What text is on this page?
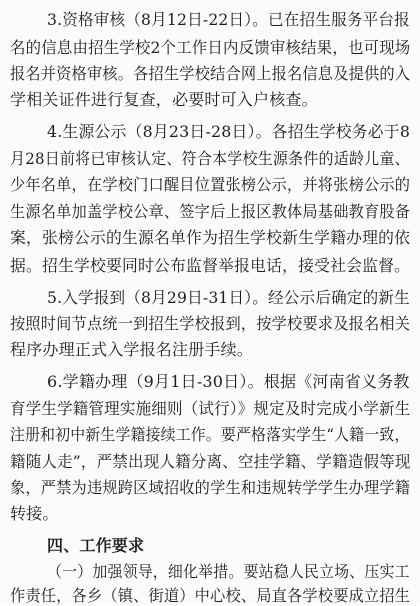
3.资格审核（8月12日-22日）。已在招生服务平台报
名的信息由招生学校2个工作日内反馈审核结果，也可现场
报名并资格审核。各招生学校结合网上报名信息及提供的入
学相关证件进行复查，必要时可入户核查。
4.生源公示（8月23日-28日）。各招生学校务必于8
月28日前将已审核认定、符合本学校生源条件的适龄儿童、
少年名单，在学校门口醒目位置张榜公示，并将张榜公示的
生源名单加盖学校公章、签字后上报区教体局基础教育股备
案，张榜公示的生源名单作为招生学校新生学籍办理的依
据。招生学校要同时公布监督举报电话，接受社会监督。
5.入学报到（8月29日-31日）。经公示后确定的新生
按照时间节点统一到招生学校报到，按学校要求及报名相关
程序办理正式入学报名注册手续。
6.学籍办理（9月1日-30日）。根据《河南省义务教
育学生学籍管理实施细则（试行）》规定及时完成小学新生
注册和初中新生学籍接续工作。要严格落实学生“人籍一致，
籍随人走”，严禁出现人籍分离、空挂学籍、学籍造假等现
象，严禁为违规跨区域招收的学生和违规转学学生办理学籍
转接。
四、工作要求
（一）加强领导，细化举措。要站稳人民立场、压实工
作责任，各乡（镇、街道）中心校、局直各学校要成立招生
